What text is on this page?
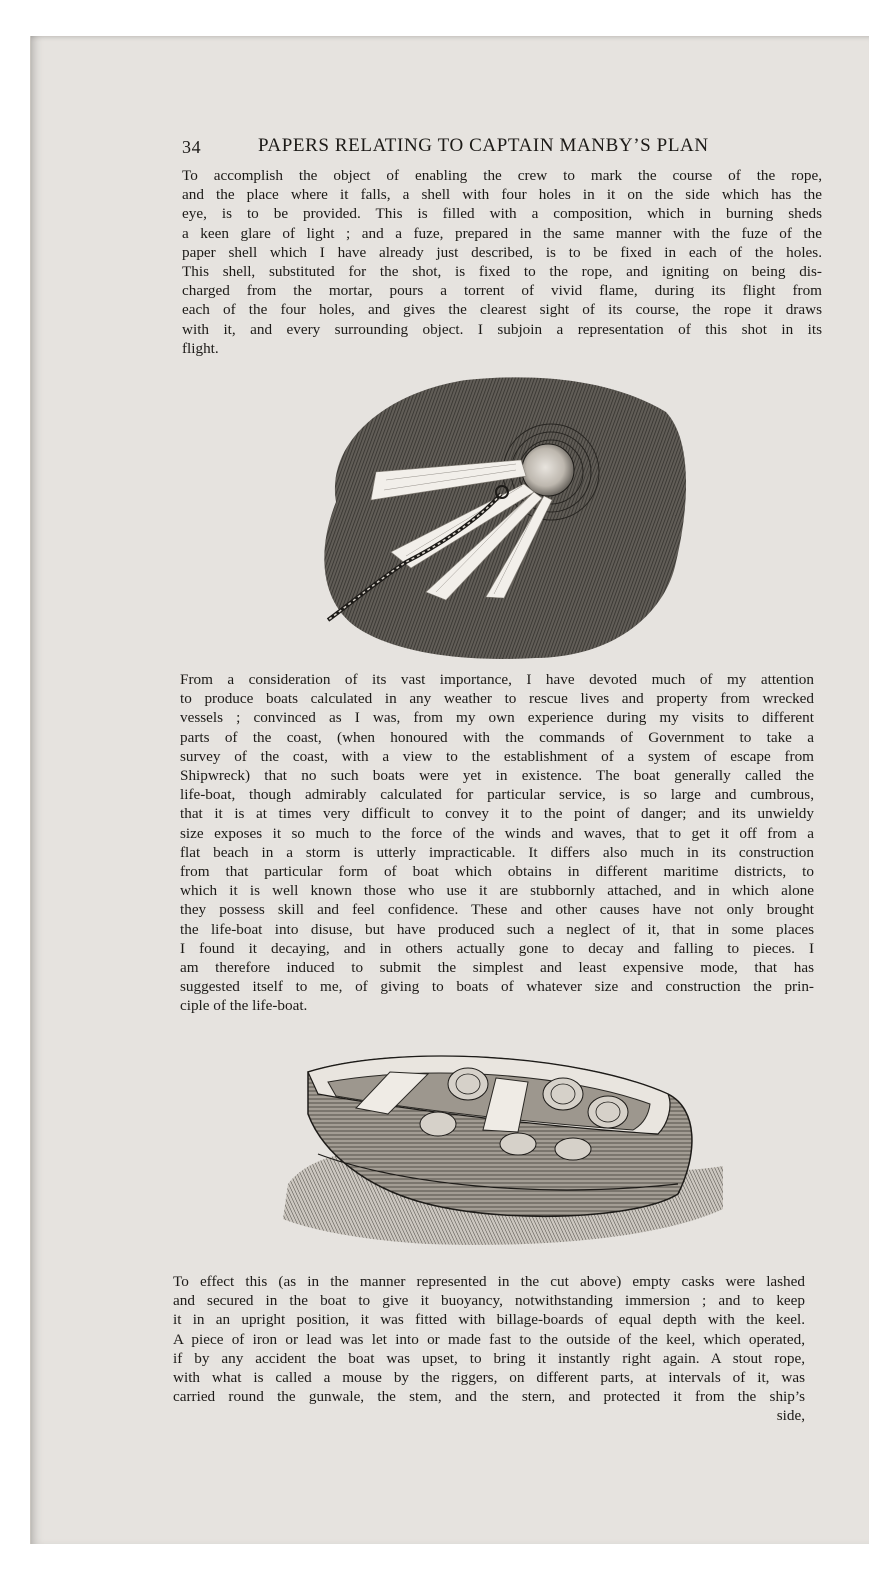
34	PAPERS RELATING TO CAPTAIN MANBY’S PLAN

To accomplish the object of enabling the crew to mark the course of the rope,
and the place where it falls, a shell with four holes in it on the side which has the
eye, is to be provided. This is filled with a composition, which in burning sheds
a keen glare of light ; and a fuze, prepared in the same manner with the fuze of the
paper shell which I have already just described, is to be fixed in each of the holes.
This shell, substituted for the shot, is fixed to the rope, and igniting on being dis-
charged from the mortar, pours a torrent of vivid flame, during its flight from
each of the four holes, and gives the clearest sight of its course, the rope it draws
with it, and every surrounding object. I subjoin a representation of this shot in its
flight.

From a consideration of its vast importance, I have devoted much of my attention
to produce boats calculated in any weather to rescue lives and property from wrecked
vessels ; convinced as I was, from my own experience during my visits to different
parts of the coast, (when honoured with the commands of Government to take a
survey of the coast, with a view to the establishment of a system of escape from
Shipwreck) that no such boats were yet in existence. The boat generally called the
life-boat, though admirably calculated for particular service, is so large and cumbrous,
that it is at times very difficult to convey it to the point of danger; and its unwieldy
size exposes it so much to the force of the winds and waves, that to get it off from a
flat beach in a storm is utterly impracticable. It differs also much in its construction
from that particular form of boat which obtains in different maritime districts, to
which it is well known those who use it are stubbornly attached, and in which alone
they possess skill and feel confidence. These and other causes have not only brought
the life-boat into disuse, but have produced such a neglect of it, that in some places
I found it decaying, and in others actually gone to decay and falling to pieces. I
am therefore induced to submit the simplest and least expensive mode, that has
suggested itself to me, of giving to boats of whatever size and construction the prin-
ciple of the life-boat.

To effect this (as in the manner represented in the cut above) empty casks were lashed
and secured in the boat to give it buoyancy, notwithstanding immersion ; and to keep
it in an upright position, it was fitted with billage-boards of equal depth with the keel.
A piece of iron or lead was let into or made fast to the outside of the keel, which operated,
if by any accident the boat was upset, to bring it instantly right again. A stout rope,
with what is called a mouse by the riggers, on different parts, at intervals of it, was
carried round the gunwale, the stem, and the stern, and protected it from the ship’s
side,
